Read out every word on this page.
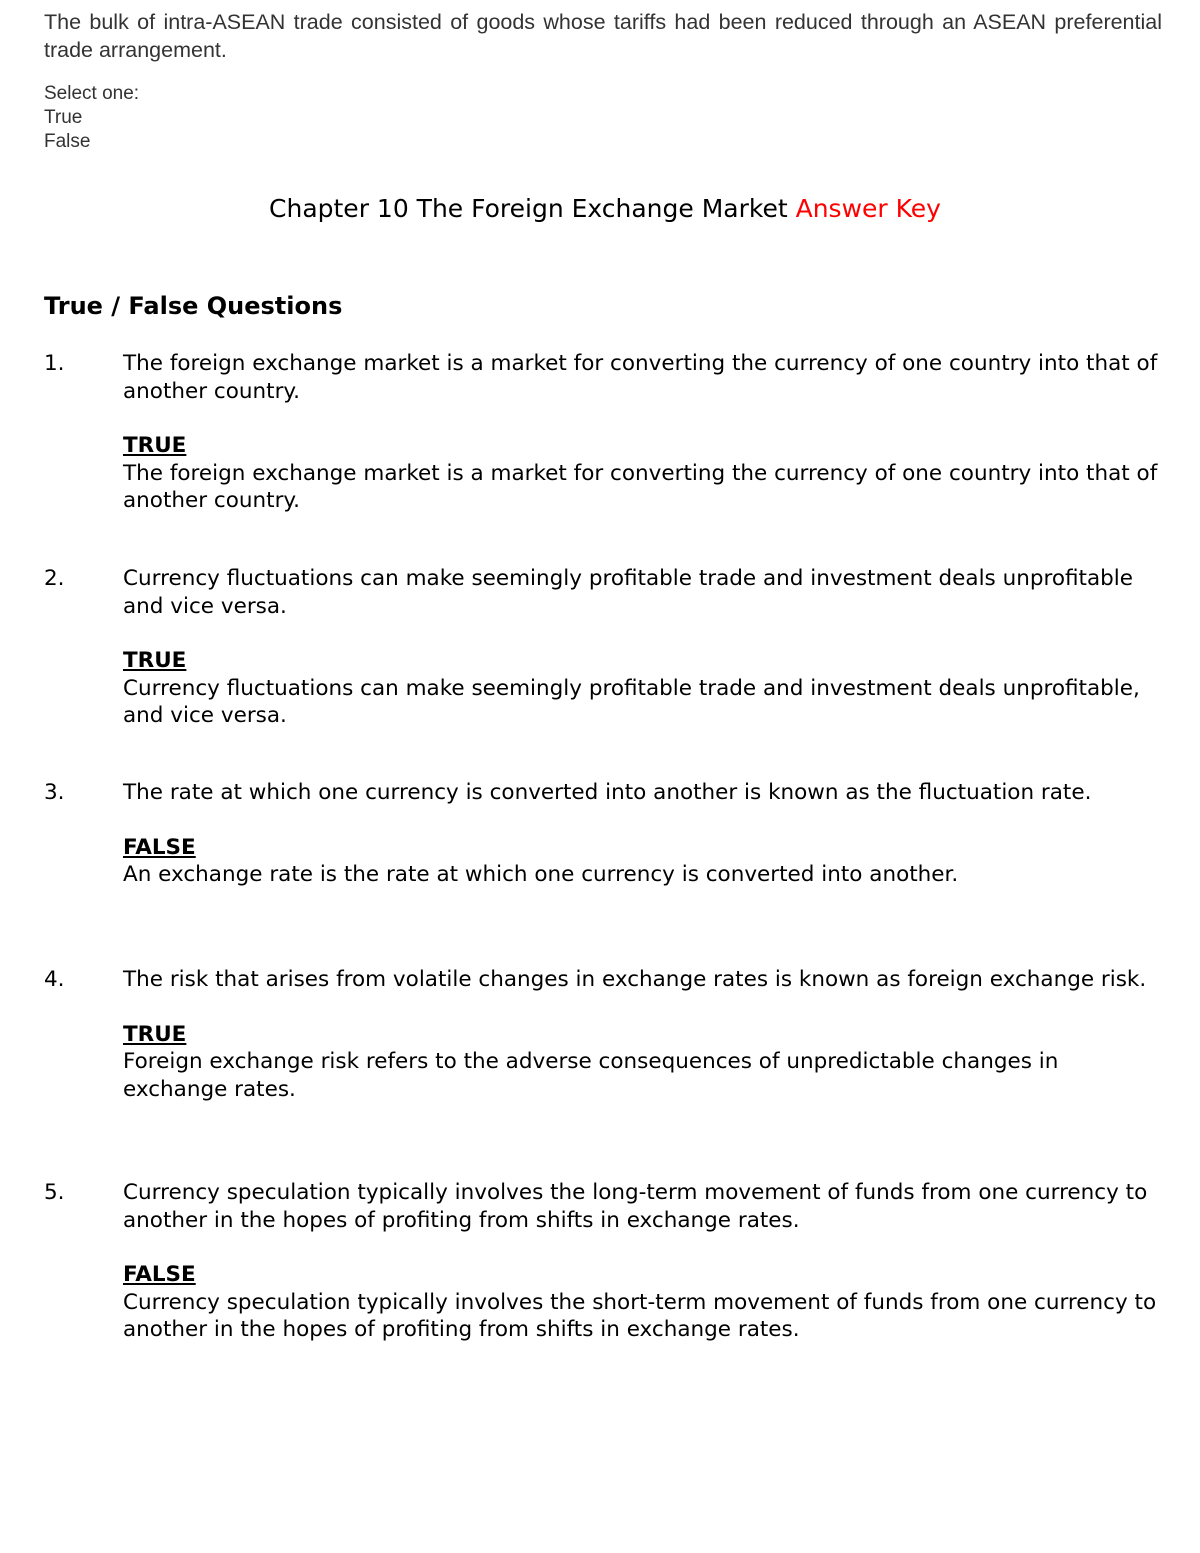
The bulk of intra-ASEAN trade consisted of goods whose tariffs had been reduced through an ASEAN preferential trade arrangement.

Select one:
True
False
Chapter 10 The Foreign Exchange Market Answer Key
True / False Questions
1.	The foreign exchange market is a market for converting the currency of one country into that of another country.
TRUE
The foreign exchange market is a market for converting the currency of one country into that of another country.
2.	Currency fluctuations can make seemingly profitable trade and investment deals unprofitable and vice versa.
TRUE
Currency fluctuations can make seemingly profitable trade and investment deals unprofitable, and vice versa.
3.	The rate at which one currency is converted into another is known as the fluctuation rate.
FALSE
An exchange rate is the rate at which one currency is converted into another.
4.	The risk that arises from volatile changes in exchange rates is known as foreign exchange risk.
TRUE
Foreign exchange risk refers to the adverse consequences of unpredictable changes in exchange rates.
5.	Currency speculation typically involves the long-term movement of funds from one currency to another in the hopes of profiting from shifts in exchange rates.
FALSE
Currency speculation typically involves the short-term movement of funds from one currency to another in the hopes of profiting from shifts in exchange rates.
